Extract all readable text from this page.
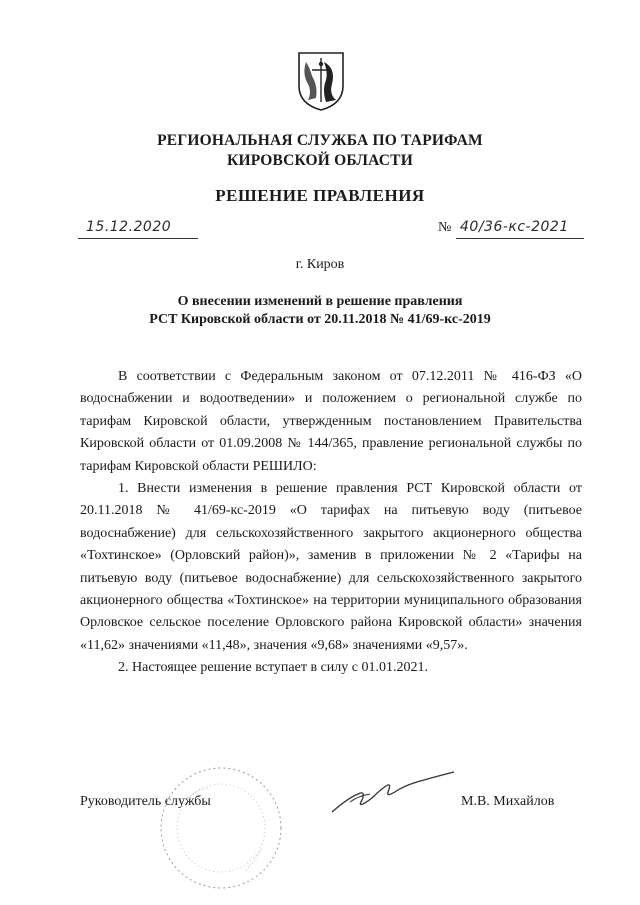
РЕГИОНАЛЬНАЯ СЛУЖБА ПО ТАРИФАМ
КИРОВСКОЙ ОБЛАСТИ
РЕШЕНИЕ ПРАВЛЕНИЯ
15.12.2020	№ 40/36-кс-2021
г. Киров
О внесении изменений в решение правления
РСТ Кировской области от 20.11.2018 № 41/69-кс-2019

В соответствии с Федеральным законом от 07.12.2011 № 416-ФЗ «О водоснабжении и водоотведении» и положением о региональной службе по тарифам Кировской области, утвержденным постановлением Правительства Кировской области от 01.09.2008 № 144/365, правление региональной службы по тарифам Кировской области РЕШИЛО:

1. Внести изменения в решение правления РСТ Кировской области от 20.11.2018 № 41/69-кс-2019 «О тарифах на питьевую воду (питьевое водоснабжение) для сельскохозяйственного закрытого акционерного общества «Тохтинское» (Орловский район)», заменив в приложении № 2 «Тарифы на питьевую воду (питьевое водоснабжение) для сельскохозяйственного закрытого акционерного общества «Тохтинское» на территории муниципального образования Орловское сельское поселение Орловского района Кировской области» значения «11,62» значениями «11,48», значения «9,68» значениями «9,57».

2. Настоящее решение вступает в силу с 01.01.2021.

Руководитель службы	М.В. Михайлов
